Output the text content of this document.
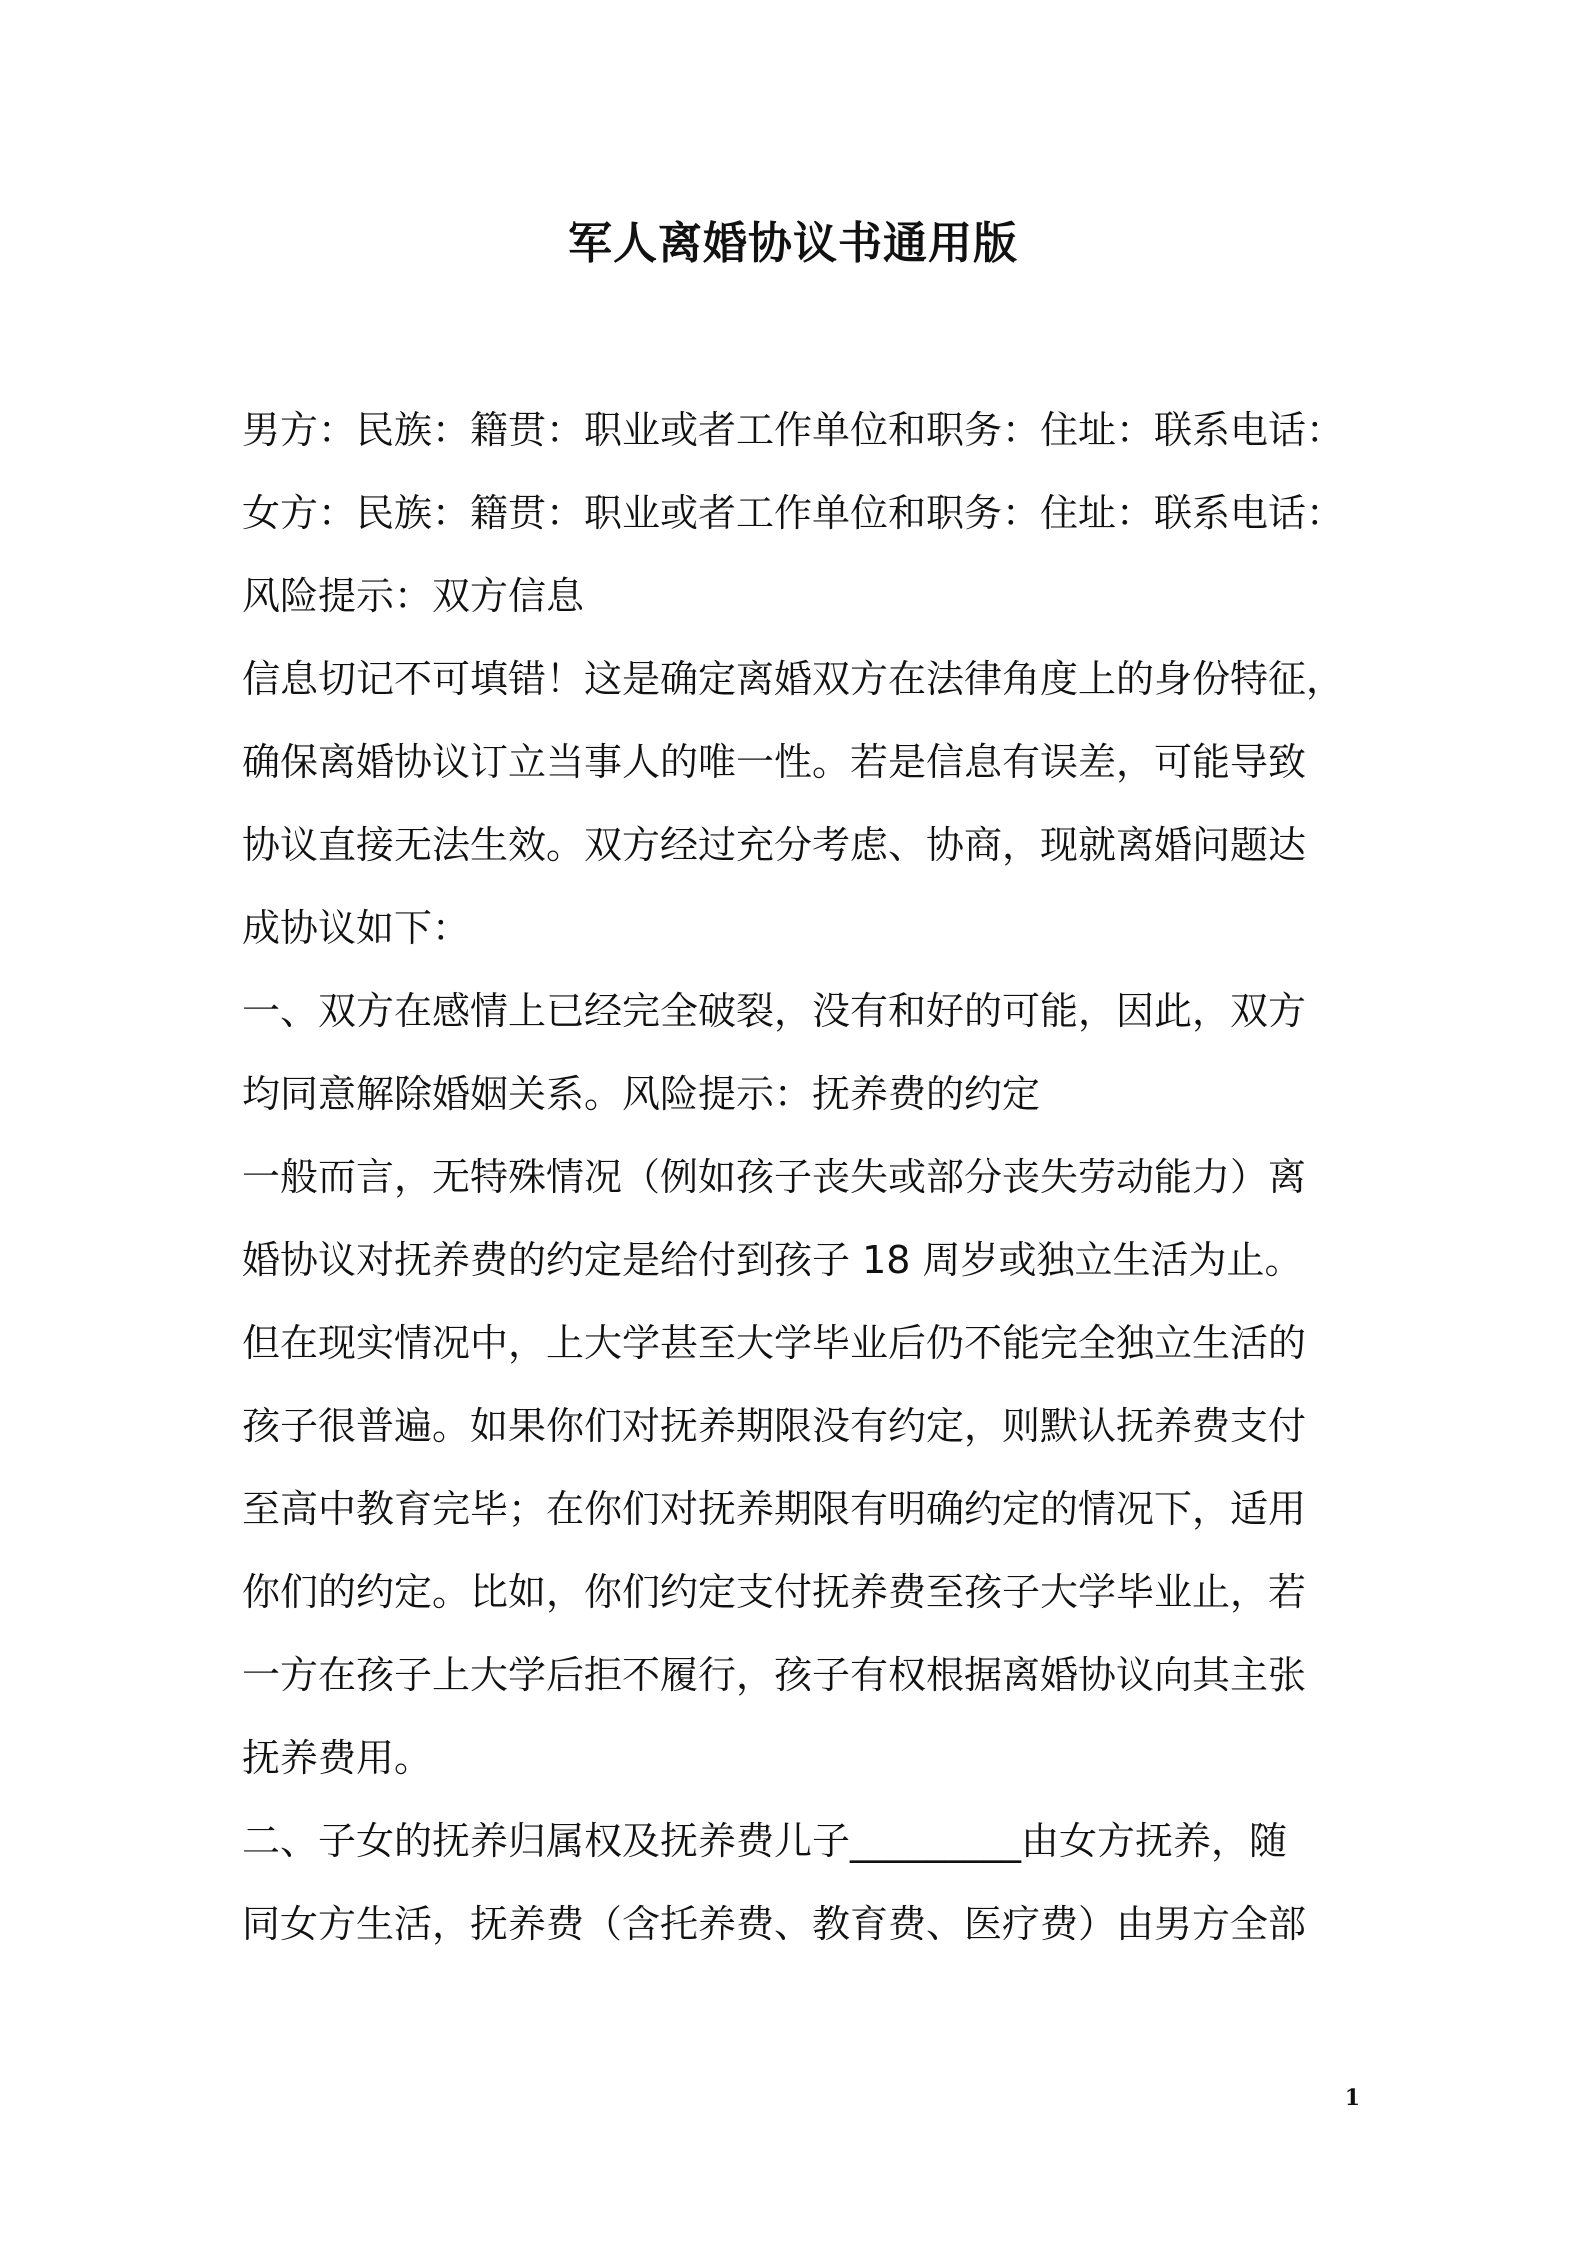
军人离婚协议书通用版
男方：民族：籍贯：职业或者工作单位和职务：住址：联系电话：
女方：民族：籍贯：职业或者工作单位和职务：住址：联系电话：
风险提示：双方信息
信息切记不可填错！这是确定离婚双方在法律角度上的身份特征，
确保离婚协议订立当事人的唯一性。若是信息有误差，可能导致
协议直接无法生效。双方经过充分考虑、协商，现就离婚问题达
成协议如下：
一、双方在感情上已经完全破裂，没有和好的可能，因此，双方
均同意解除婚姻关系。风险提示：抚养费的约定
一般而言，无特殊情况（例如孩子丧失或部分丧失劳动能力）离
婚协议对抚养费的约定是给付到孩子 18 周岁或独立生活为止。
但在现实情况中，上大学甚至大学毕业后仍不能完全独立生活的
孩子很普遍。如果你们对抚养期限没有约定，则默认抚养费支付
至高中教育完毕；在你们对抚养期限有明确约定的情况下，适用
你们的约定。比如，你们约定支付抚养费至孩子大学毕业止，若
一方在孩子上大学后拒不履行，孩子有权根据离婚协议向其主张
抚养费用。
二、子女的抚养归属权及抚养费儿子_________由女方抚养，随
同女方生活，抚养费（含托养费、教育费、医疗费）由男方全部
1
